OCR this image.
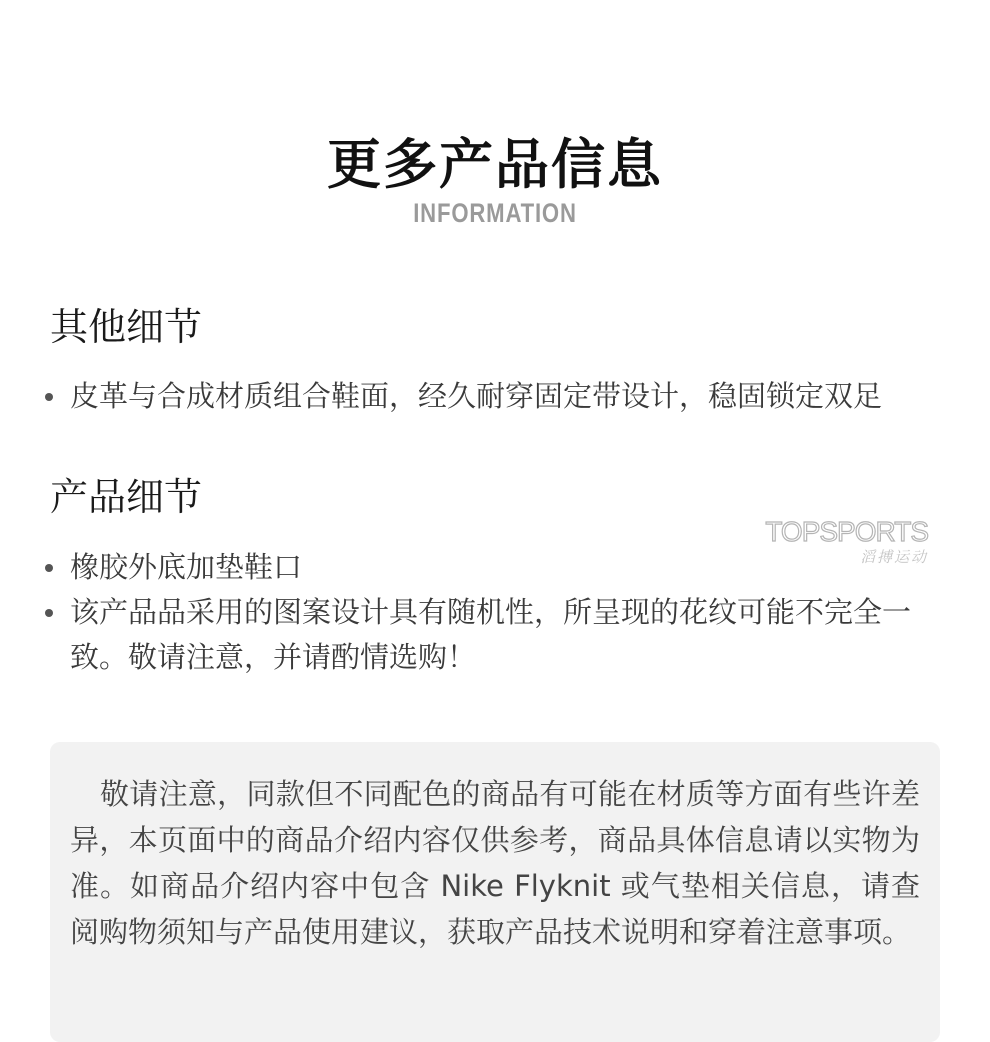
更多产品信息
INFORMATION
其他细节
皮革与合成材质组合鞋面，经久耐穿固定带设计，稳固锁定双足
产品细节
橡胶外底加垫鞋口
该产品品采用的图案设计具有随机性，所呈现的花纹可能不完全一致。敬请注意，并请酌情选购！
TOPSPORTS
滔搏运动
敬请注意，同款但不同配色的商品有可能在材质等方面有些许差异，本页面中的商品介绍内容仅供参考，商品具体信息请以实物为准。如商品介绍内容中包含 Nike Flyknit 或气垫相关信息，请查阅购物须知与产品使用建议，获取产品技术说明和穿着注意事项。
